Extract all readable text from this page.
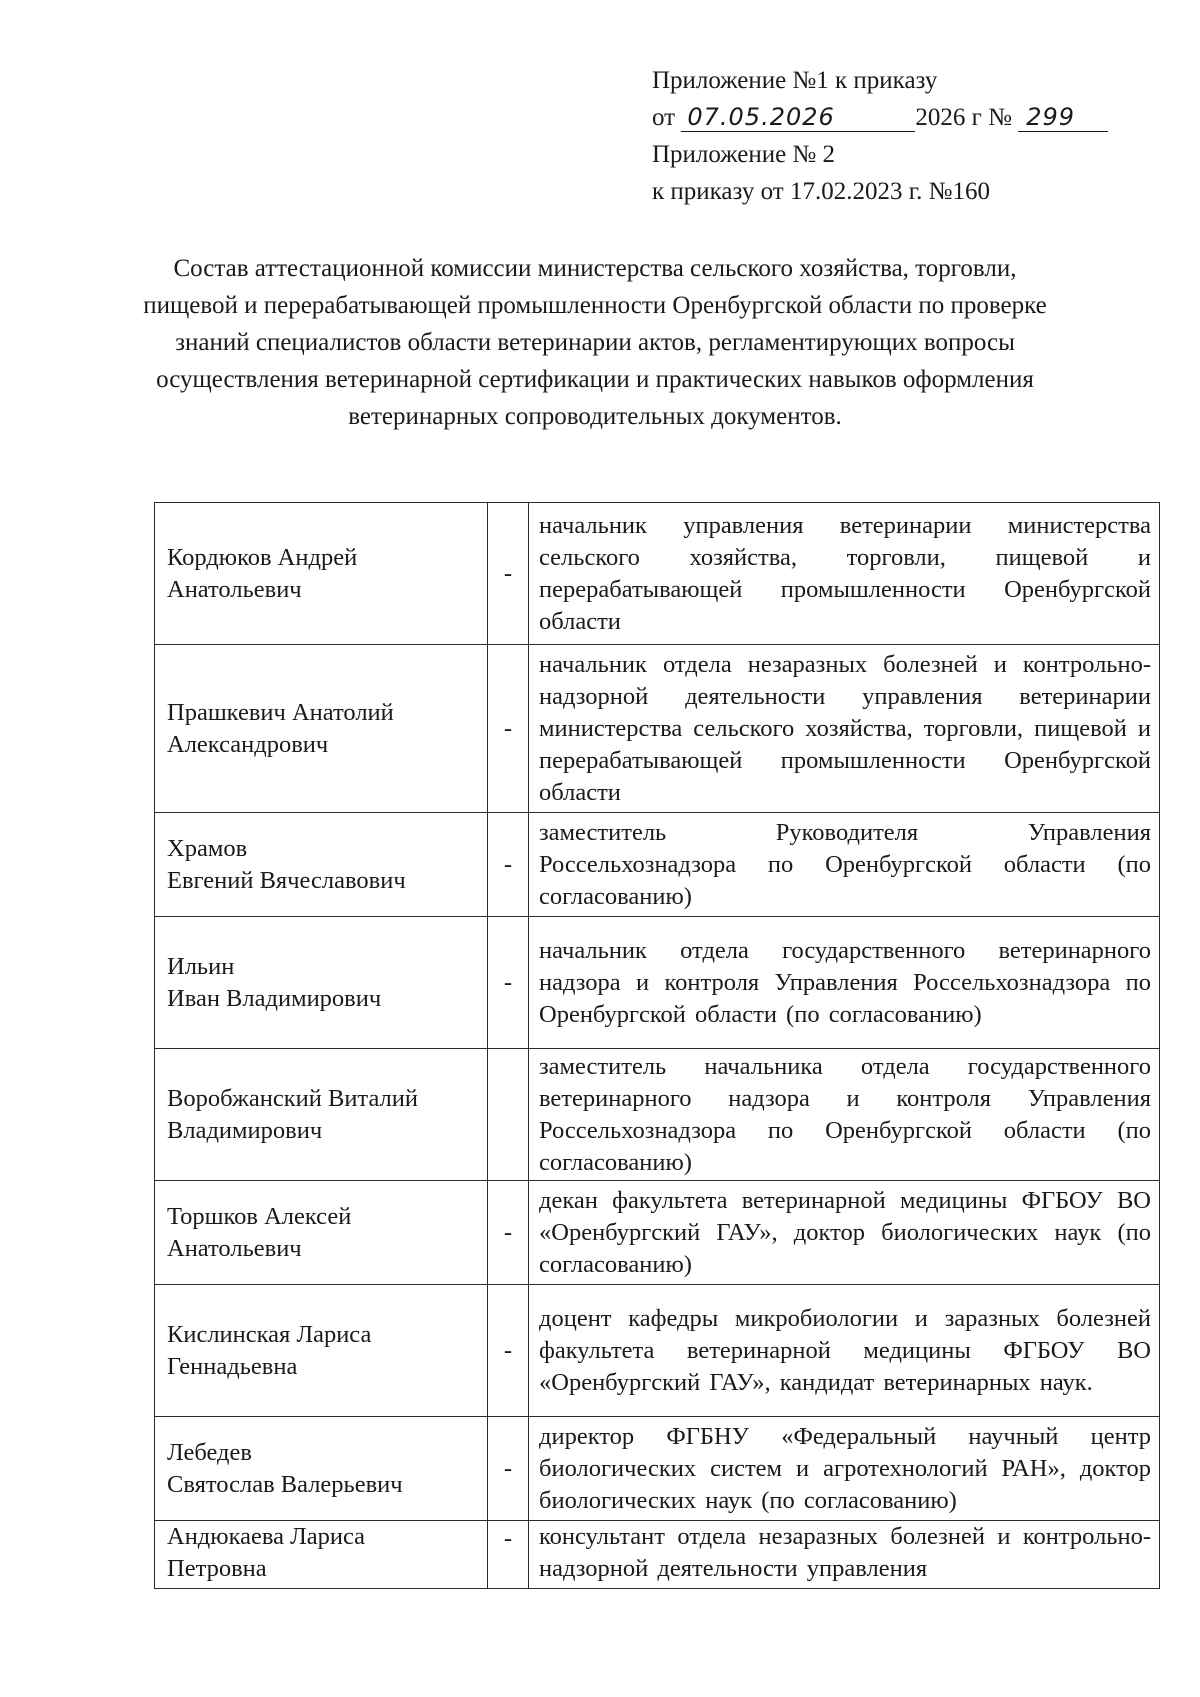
Приложение №1 к приказу
от 07.05.2026	2026 г № 299
Приложение № 2
к приказу от 17.02.2023 г. №160
Состав аттестационной комиссии министерства сельского хозяйства, торговли, пищевой и перерабатывающей промышленности Оренбургской области по проверке знаний специалистов области ветеринарии актов, регламентирующих вопросы осуществления ветеринарной сертификации и практических навыков оформления ветеринарных сопроводительных документов.
Кордюков Андрей
Анатольевич	-	начальник управления ветеринарии министерства сельского хозяйства, торговли, пищевой и перерабатывающей промышленности Оренбургской области

Прашкевич Анатолий
Александрович	-	начальник отдела незаразных болезней и контрольно-надзорной деятельности управления ветеринарии министерства сельского хозяйства, торговли, пищевой и перерабатывающей промышленности Оренбургской области

Храмов
Евгений Вячеславович	-	заместитель Руководителя Управления Россельхознадзора по Оренбургской области (по согласованию)

Ильин
Иван Владимирович	-	начальник отдела государственного ветеринарного надзора и контроля Управления Россельхознадзора по Оренбургской области (по согласованию)

Воробжанский Виталий
Владимирович		заместитель начальника отдела государственного ветеринарного надзора и контроля Управления Россельхознадзора по Оренбургской области (по согласованию)

Торшков Алексей
Анатольевич	-	декан факультета ветеринарной медицины ФГБОУ ВО «Оренбургский ГАУ», доктор биологических наук (по согласованию)

Кислинская Лариса
Геннадьевна	-	доцент кафедры микробиологии и заразных болезней факультета ветеринарной медицины ФГБОУ ВО «Оренбургский ГАУ», кандидат ветеринарных наук.

Лебедев
Святослав Валерьевич	-	директор ФГБНУ «Федеральный научный центр биологических систем и агротехнологий РАН», доктор биологических наук (по согласованию)

Андюкаева Лариса
Петровна	-	консультант отдела незаразных болезней и контрольно-надзорной деятельности управления
